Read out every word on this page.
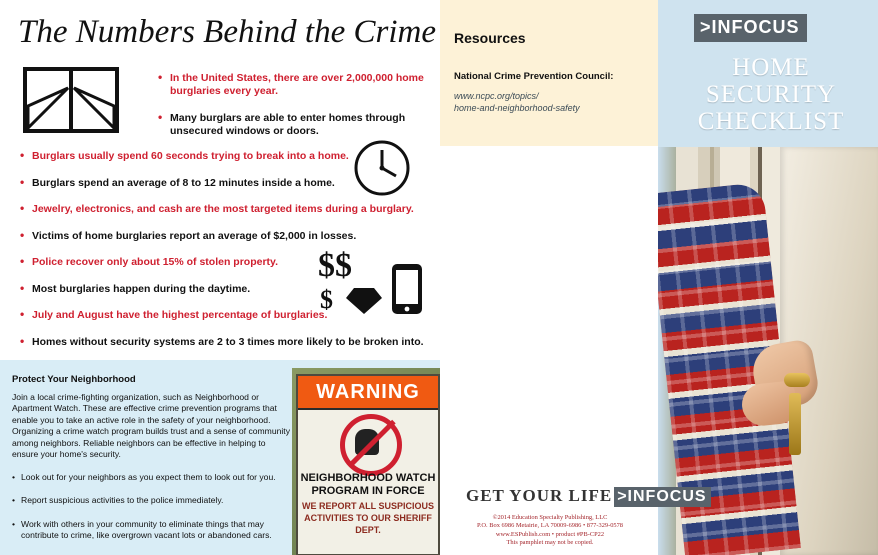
The Numbers Behind the Crime
$$
$
• In the United States, there are over 2,000,000 home burglaries every year.
• Many burglars are able to enter homes through unsecured windows or doors.
• Burglars usually spend 60 seconds trying to break into a home.
• Burglars spend an average of 8 to 12 minutes inside a home.
• Jewelry, electronics, and cash are the most targeted items during a burglary.
• Victims of home burglaries report an average of $2,000 in losses.
• Police recover only about 15% of stolen property.
• Most burglaries happen during the daytime.
• July and August have the highest percentage of burglaries.
• Homes without security systems are 2 to 3 times more likely to be broken into.
Resources
National Crime Prevention Council:
www.ncpc.org/topics/
home-and-neighborhood-safety
>INFOCUS
HOME
SECURITY
CHECKLIST
Protect Your Neighborhood
Join a local crime-fighting organization, such as Neighborhood or Apartment Watch. These are effective crime prevention programs that enable you to take an active role in the safety of your neighborhood. Organizing a crime watch program builds trust and a sense of community among neighbors. Reliable neighbors can be effective in helping to ensure your home's security.
• Look out for your neighbors as you expect them to look out for you.
• Report suspicious activities to the police immediately.
• Work with others in your community to eliminate things that may contribute to crime, like overgrown vacant lots or abandoned cars.
WARNING
NEIGHBORHOOD WATCH
PROGRAM IN FORCE
WE REPORT ALL SUSPICIOUS
ACTIVITIES TO OUR SHERIFF DEPT.
GET YOUR LIFE >INFOCUS
©2014 Education Specialty Publishing, LLC
P.O. Box 6986 Metairie, LA 70009-6986 • 877-329-0578
www.ESPublish.com • product #PB-CP22
This pamphlet may not be copied.
